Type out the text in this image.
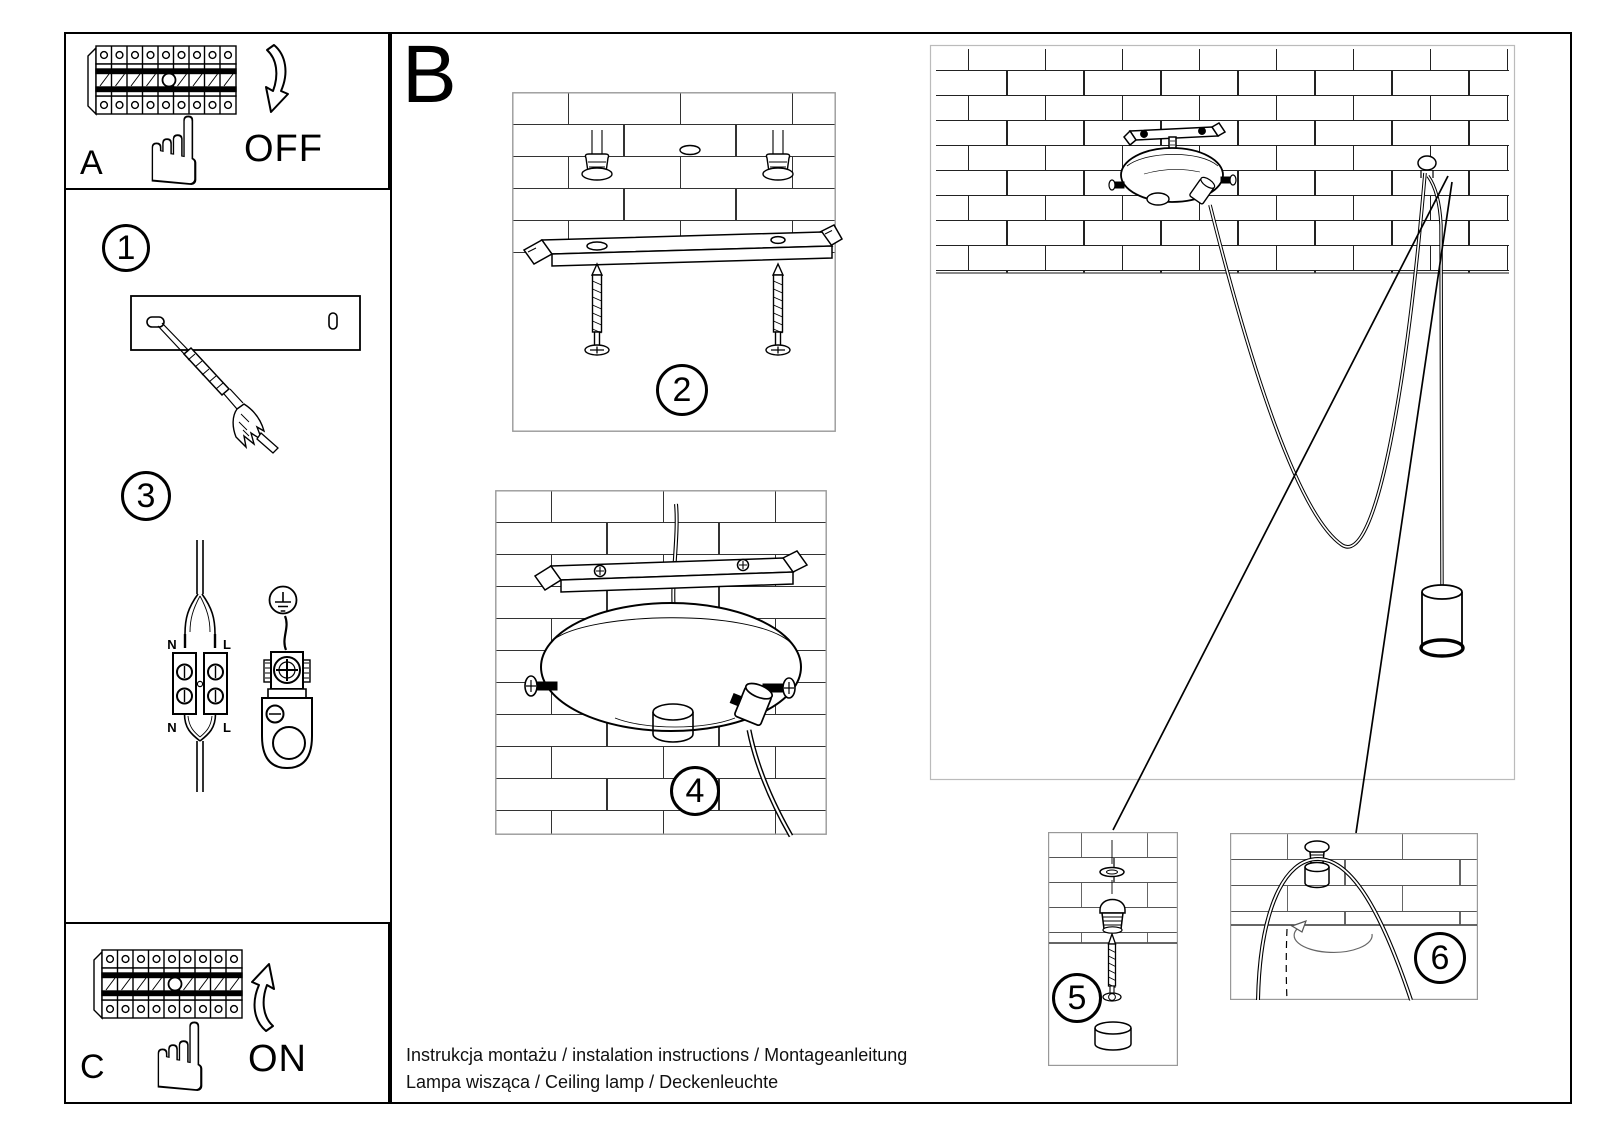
☝ OFF
A
1
3
N	L
N	L
B
2
4
5
6
☝ ON
C	Instrukcja montażu / instalation instructions / Montageanleitung
Lampa wisząca / Ceiling lamp / Deckenleuchte
